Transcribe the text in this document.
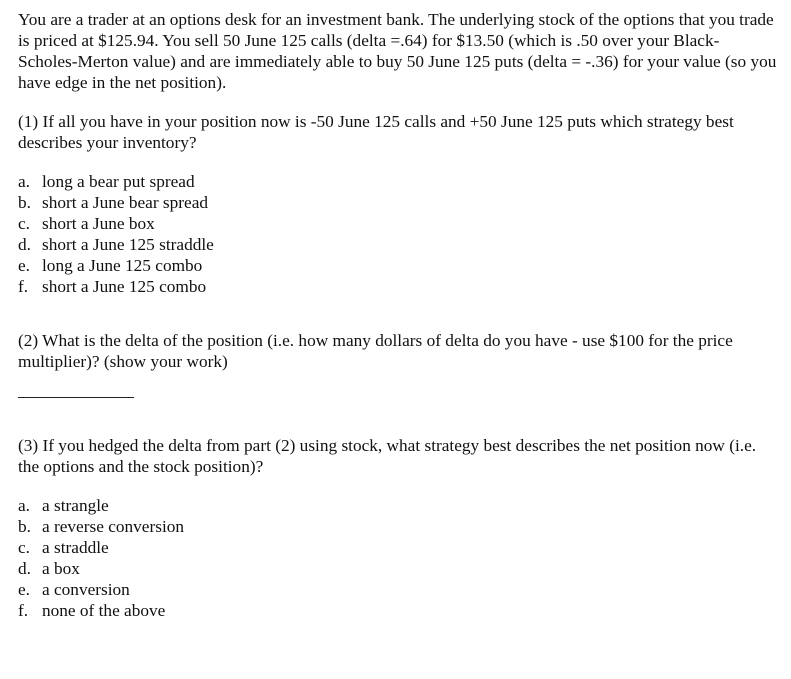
You are a trader at an options desk for an investment bank. The underlying stock of the options that you trade is priced at $125.94. You sell 50 June 125 calls (delta =.64) for $13.50 (which is .50 over your Black-Scholes-Merton value) and are immediately able to buy 50 June 125 puts (delta = -.36) for your value (so you have edge in the net position).

(1) If all you have in your position now is -50 June 125 calls and +50 June 125 puts which strategy best describes your inventory?

a. long a bear put spread
b. short a June bear spread
c. short a June box
d. short a June 125 straddle
e. long a June 125 combo
f. short a June 125 combo

(2) What is the delta of the position (i.e. how many dollars of delta do you have - use $100 for the price multiplier)? (show your work)

(3) If you hedged the delta from part (2) using stock, what strategy best describes the net position now (i.e. the options and the stock position)?

a. a strangle
b. a reverse conversion
c. a straddle
d. a box
e. a conversion
f. none of the above
